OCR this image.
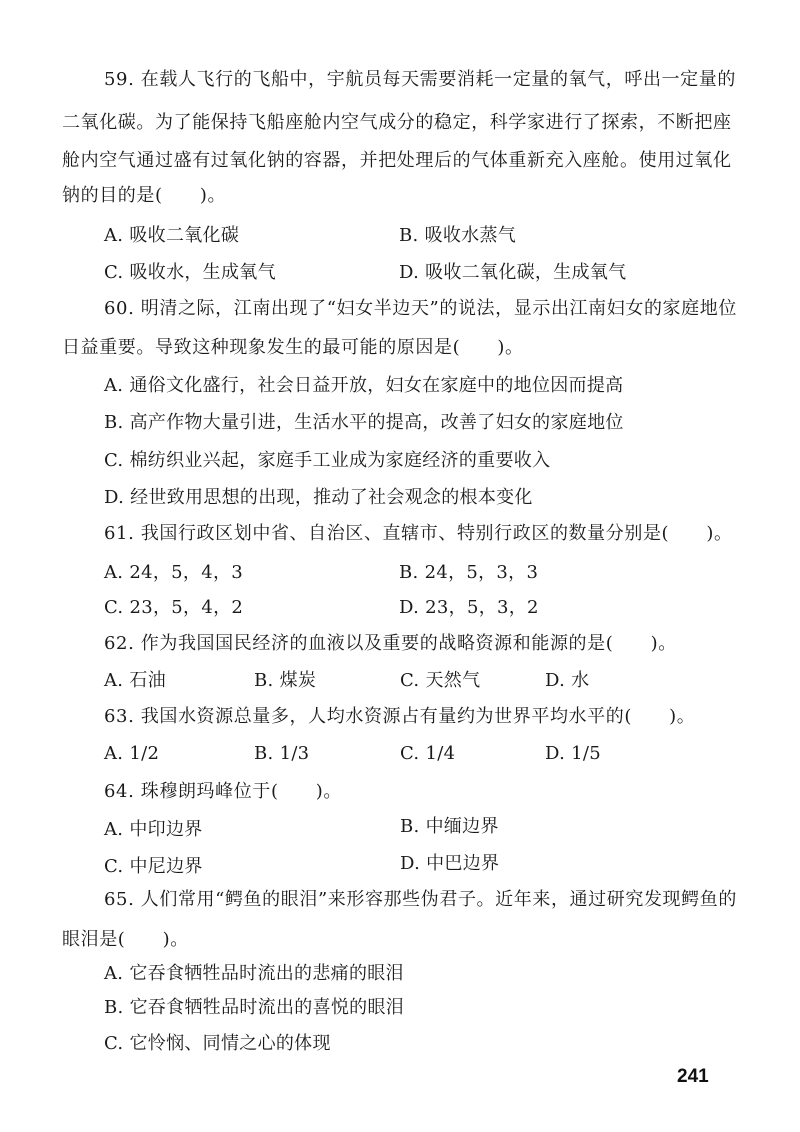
59. 在载人飞行的飞船中，宇航员每天需要消耗一定量的氧气，呼出一定量的
二氧化碳。为了能保持飞船座舱内空气成分的稳定，科学家进行了探索，不断把座
舱内空气通过盛有过氧化钠的容器，并把处理后的气体重新充入座舱。使用过氧化
钠的目的是(　　)。
A. 吸收二氧化碳	B. 吸收水蒸气
C. 吸收水，生成氧气	D. 吸收二氧化碳，生成氧气
60. 明清之际，江南出现了“妇女半边天”的说法，显示出江南妇女的家庭地位
日益重要。导致这种现象发生的最可能的原因是(　　)。
A. 通俗文化盛行，社会日益开放，妇女在家庭中的地位因而提高
B. 高产作物大量引进，生活水平的提高，改善了妇女的家庭地位
C. 棉纺织业兴起，家庭手工业成为家庭经济的重要收入
D. 经世致用思想的出现，推动了社会观念的根本变化
61. 我国行政区划中省、自治区、直辖市、特别行政区的数量分别是(　　)。
A. 24，5，4，3	B. 24，5，3，3
C. 23，5，4，2	D. 23，5，3，2
62. 作为我国国民经济的血液以及重要的战略资源和能源的是(　　)。
A. 石油	B. 煤炭	C. 天然气	D. 水
63. 我国水资源总量多，人均水资源占有量约为世界平均水平的(　　)。
A. 1/2	B. 1/3	C. 1/4	D. 1/5
64. 珠穆朗玛峰位于(　　)。
A. 中印边界	B. 中缅边界
C. 中尼边界	D. 中巴边界
65. 人们常用“鳄鱼的眼泪”来形容那些伪君子。近年来，通过研究发现鳄鱼的
眼泪是(　　)。
A. 它吞食牺牲品时流出的悲痛的眼泪
B. 它吞食牺牲品时流出的喜悦的眼泪
C. 它怜悯、同情之心的体现
241
